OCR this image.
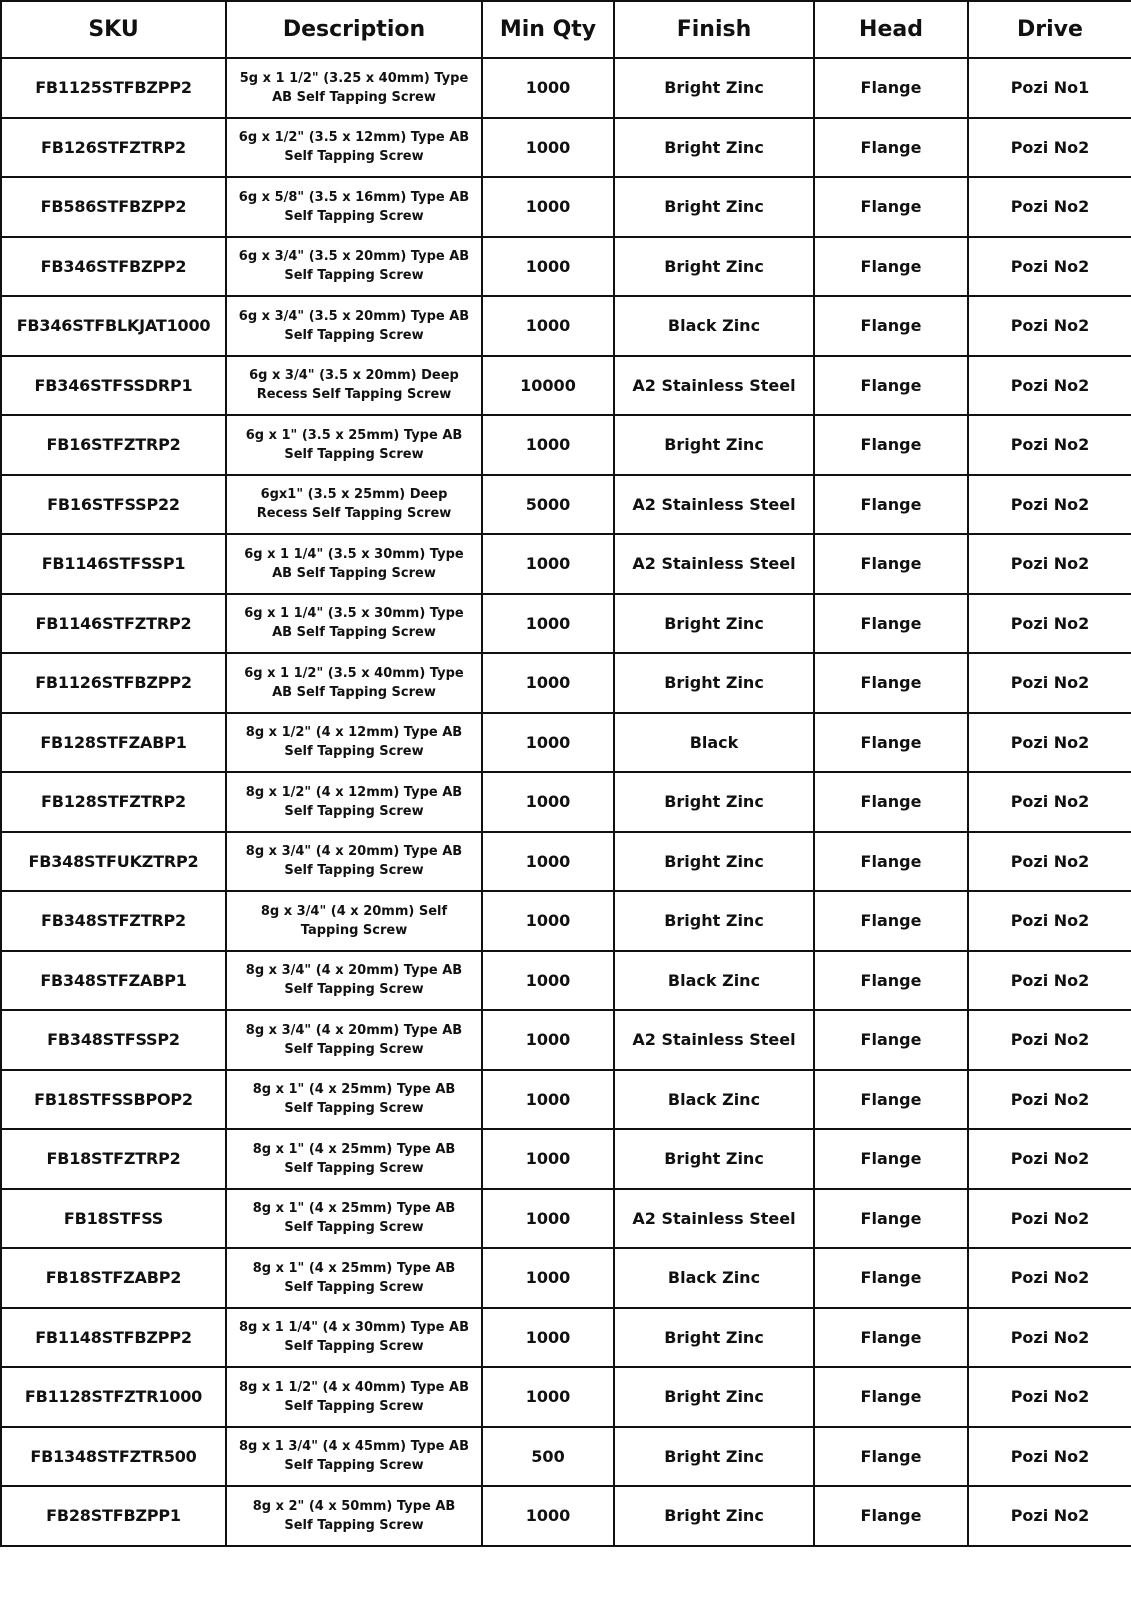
SKU	Description	Min Qty	Finish	Head	Drive
FB1125STFBZPP2	5g x 1 1/2" (3.25 x 40mm) Type AB Self Tapping Screw	1000	Bright Zinc	Flange	Pozi No1
FB126STFZTRP2	6g x 1/2" (3.5 x 12mm) Type AB Self Tapping Screw	1000	Bright Zinc	Flange	Pozi No2
FB586STFBZPP2	6g x 5/8" (3.5 x 16mm) Type AB Self Tapping Screw	1000	Bright Zinc	Flange	Pozi No2
FB346STFBZPP2	6g x 3/4" (3.5 x 20mm) Type AB Self Tapping Screw	1000	Bright Zinc	Flange	Pozi No2
FB346STFBLKJAT1000	6g x 3/4" (3.5 x 20mm) Type AB Self Tapping Screw	1000	Black Zinc	Flange	Pozi No2
FB346STFSSDRP1	6g x 3/4" (3.5 x 20mm) Deep Recess Self Tapping Screw	10000	A2 Stainless Steel	Flange	Pozi No2
FB16STFZTRP2	6g x 1" (3.5 x 25mm) Type AB Self Tapping Screw	1000	Bright Zinc	Flange	Pozi No2
FB16STFSSP22	6gx1" (3.5 x 25mm) Deep Recess Self Tapping Screw	5000	A2 Stainless Steel	Flange	Pozi No2
FB1146STFSSP1	6g x 1 1/4" (3.5 x 30mm) Type AB Self Tapping Screw	1000	A2 Stainless Steel	Flange	Pozi No2
FB1146STFZTRP2	6g x 1 1/4" (3.5 x 30mm) Type AB Self Tapping Screw	1000	Bright Zinc	Flange	Pozi No2
FB1126STFBZPP2	6g x 1 1/2" (3.5 x 40mm) Type AB Self Tapping Screw	1000	Bright Zinc	Flange	Pozi No2
FB128STFZABP1	8g x 1/2" (4 x 12mm) Type AB Self Tapping Screw	1000	Black	Flange	Pozi No2
FB128STFZTRP2	8g x 1/2" (4 x 12mm) Type AB Self Tapping Screw	1000	Bright Zinc	Flange	Pozi No2
FB348STFUKZTRP2	8g x 3/4" (4 x 20mm) Type AB Self Tapping Screw	1000	Bright Zinc	Flange	Pozi No2
FB348STFZTRP2	8g x 3/4" (4 x 20mm) Self Tapping Screw	1000	Bright Zinc	Flange	Pozi No2
FB348STFZABP1	8g x 3/4" (4 x 20mm) Type AB Self Tapping Screw	1000	Black Zinc	Flange	Pozi No2
FB348STFSSP2	8g x 3/4" (4 x 20mm) Type AB Self Tapping Screw	1000	A2 Stainless Steel	Flange	Pozi No2
FB18STFSSBPOP2	8g x 1" (4 x 25mm) Type AB Self Tapping Screw	1000	Black Zinc	Flange	Pozi No2
FB18STFZTRP2	8g x 1" (4 x 25mm) Type AB Self Tapping Screw	1000	Bright Zinc	Flange	Pozi No2
FB18STFSS	8g x 1" (4 x 25mm) Type AB Self Tapping Screw	1000	A2 Stainless Steel	Flange	Pozi No2
FB18STFZABP2	8g x 1" (4 x 25mm) Type AB Self Tapping Screw	1000	Black Zinc	Flange	Pozi No2
FB1148STFBZPP2	8g x 1 1/4" (4 x 30mm) Type AB Self Tapping Screw	1000	Bright Zinc	Flange	Pozi No2
FB1128STFZTR1000	8g x 1 1/2" (4 x 40mm) Type AB Self Tapping Screw	1000	Bright Zinc	Flange	Pozi No2
FB1348STFZTR500	8g x 1 3/4" (4 x 45mm) Type AB Self Tapping Screw	500	Bright Zinc	Flange	Pozi No2
FB28STFBZPP1	8g x 2" (4 x 50mm) Type AB Self Tapping Screw	1000	Bright Zinc	Flange	Pozi No2
